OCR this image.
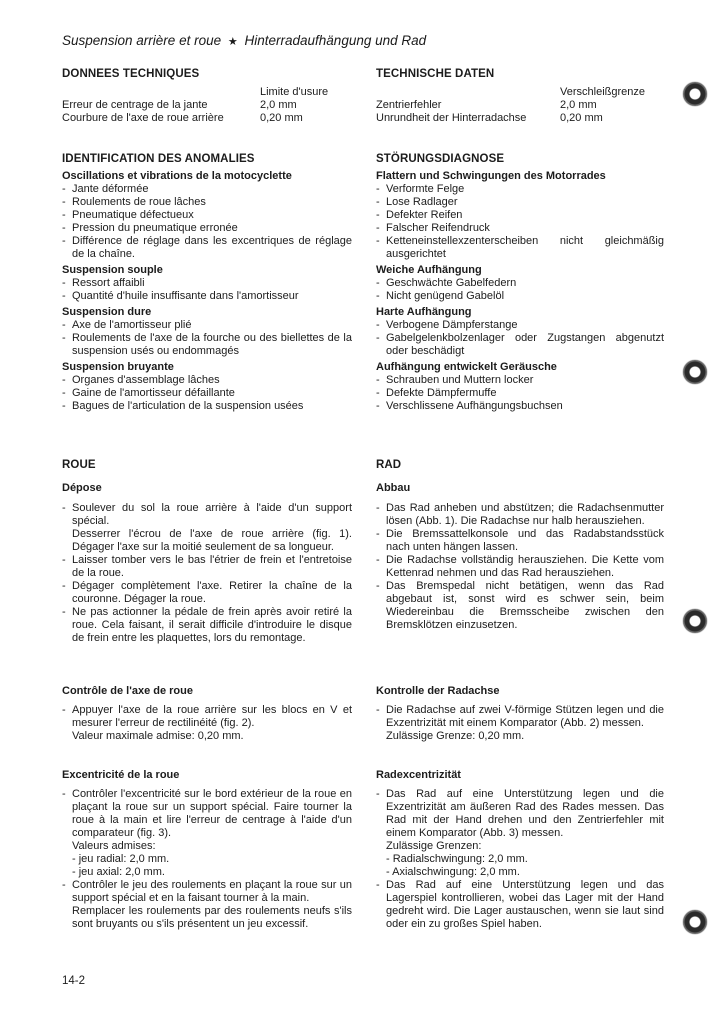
Suspension arrière et roue ★ Hinterradaufhängung und Rad
DONNEES TECHNIQUES
Limite d'usure
Erreur de centrage de la jante	2,0 mm
Courbure de l'axe de roue arrière	0,20 mm
TECHNISCHE DATEN
Verschleißgrenze
Zentrierfehler	2,0 mm
Unrundheit der Hinterradachse	0,20 mm
IDENTIFICATION DES ANOMALIES
Oscillations et vibrations de la motocyclette
- Jante déformée
- Roulements de roue lâches
- Pneumatique défectueux
- Pression du pneumatique erronée
- Différence de réglage dans les excentriques de réglage de la chaîne.
Suspension souple
- Ressort affaibli
- Quantité d'huile insuffisante dans l'amortisseur
Suspension dure
- Axe de l'amortisseur plié
- Roulements de l'axe de la fourche ou des biellettes de la suspension usés ou endommagés
Suspension bruyante
- Organes d'assemblage lâches
- Gaine de l'amortisseur défaillante
- Bagues de l'articulation de la suspension usées
STÖRUNGSDIAGNOSE
Flattern und Schwingungen des Motorrades
- Verformte Felge
- Lose Radlager
- Defekter Reifen
- Falscher Reifendruck
- Ketteneinstellexzenterscheiben nicht gleichmäßig ausgerichtet
Weiche Aufhängung
- Geschwächte Gabelfedern
- Nicht genügend Gabelöl
Harte Aufhängung
- Verbogene Dämpferstange
- Gabelgelenkbolzenlager oder Zugstangen abgenutzt oder beschädigt
Aufhängung entwickelt Geräusche
- Schrauben und Muttern locker
- Defekte Dämpfermuffe
- Verschlissene Aufhängungsbuchsen
ROUE
Dépose
- Soulever du sol la roue arrière à l'aide d'un support spécial.
Desserrer l'écrou de l'axe de roue arrière (fig. 1). Dégager l'axe sur la moitié seulement de sa longueur.
- Laisser tomber vers le bas l'étrier de frein et l'entretoise de la roue.
- Dégager complètement l'axe. Retirer la chaîne de la couronne. Dégager la roue.
- Ne pas actionner la pédale de frein après avoir retiré la roue. Cela faisant, il serait difficile d'introduire le disque de frein entre les plaquettes, lors du remontage.
RAD
Abbau
- Das Rad anheben und abstützen; die Radachsenmutter lösen (Abb. 1). Die Radachse nur halb herausziehen.
- Die Bremssattelkonsole und das Radabstandsstück nach unten hängen lassen.
- Die Radachse vollständig herausziehen. Die Kette vom Kettenrad nehmen und das Rad herausziehen.
- Das Bremspedal nicht betätigen, wenn das Rad abgebaut ist, sonst wird es schwer sein, beim Wiedereinbau die Bremsscheibe zwischen den Bremsklötzen einzusetzen.
Contrôle de l'axe de roue
- Appuyer l'axe de la roue arrière sur les blocs en V et mesurer l'erreur de rectilinéité (fig. 2).
Valeur maximale admise: 0,20 mm.
Kontrolle der Radachse
- Die Radachse auf zwei V-förmige Stützen legen und die Exzentrizität mit einem Komparator (Abb. 2) messen.
Zulässige Grenze: 0,20 mm.
Excentricité de la roue
- Contrôler l'excentricité sur le bord extérieur de la roue en plaçant la roue sur un support spécial. Faire tourner la roue à la main et lire l'erreur de centrage à l'aide d'un comparateur (fig. 3).
Valeurs admises:
- jeu radial: 2,0 mm.
- jeu axial: 2,0 mm.
- Contrôler le jeu des roulements en plaçant la roue sur un support spécial et en la faisant tourner à la main.
Remplacer les roulements par des roulements neufs s'ils sont bruyants ou s'ils présentent un jeu excessif.
Radexcentrizität
- Das Rad auf eine Unterstützung legen und die Exzentrizität am äußeren Rad des Rades messen. Das Rad mit der Hand drehen und den Zentrierfehler mit einem Komparator (Abb. 3) messen.
Zulässige Grenzen:
- Radialschwingung: 2,0 mm.
- Axialschwingung: 2,0 mm.
- Das Rad auf eine Unterstützung legen und das Lagerspiel kontrollieren, wobei das Lager mit der Hand gedreht wird. Die Lager austauschen, wenn sie laut sind oder ein zu großes Spiel haben.
14-2
